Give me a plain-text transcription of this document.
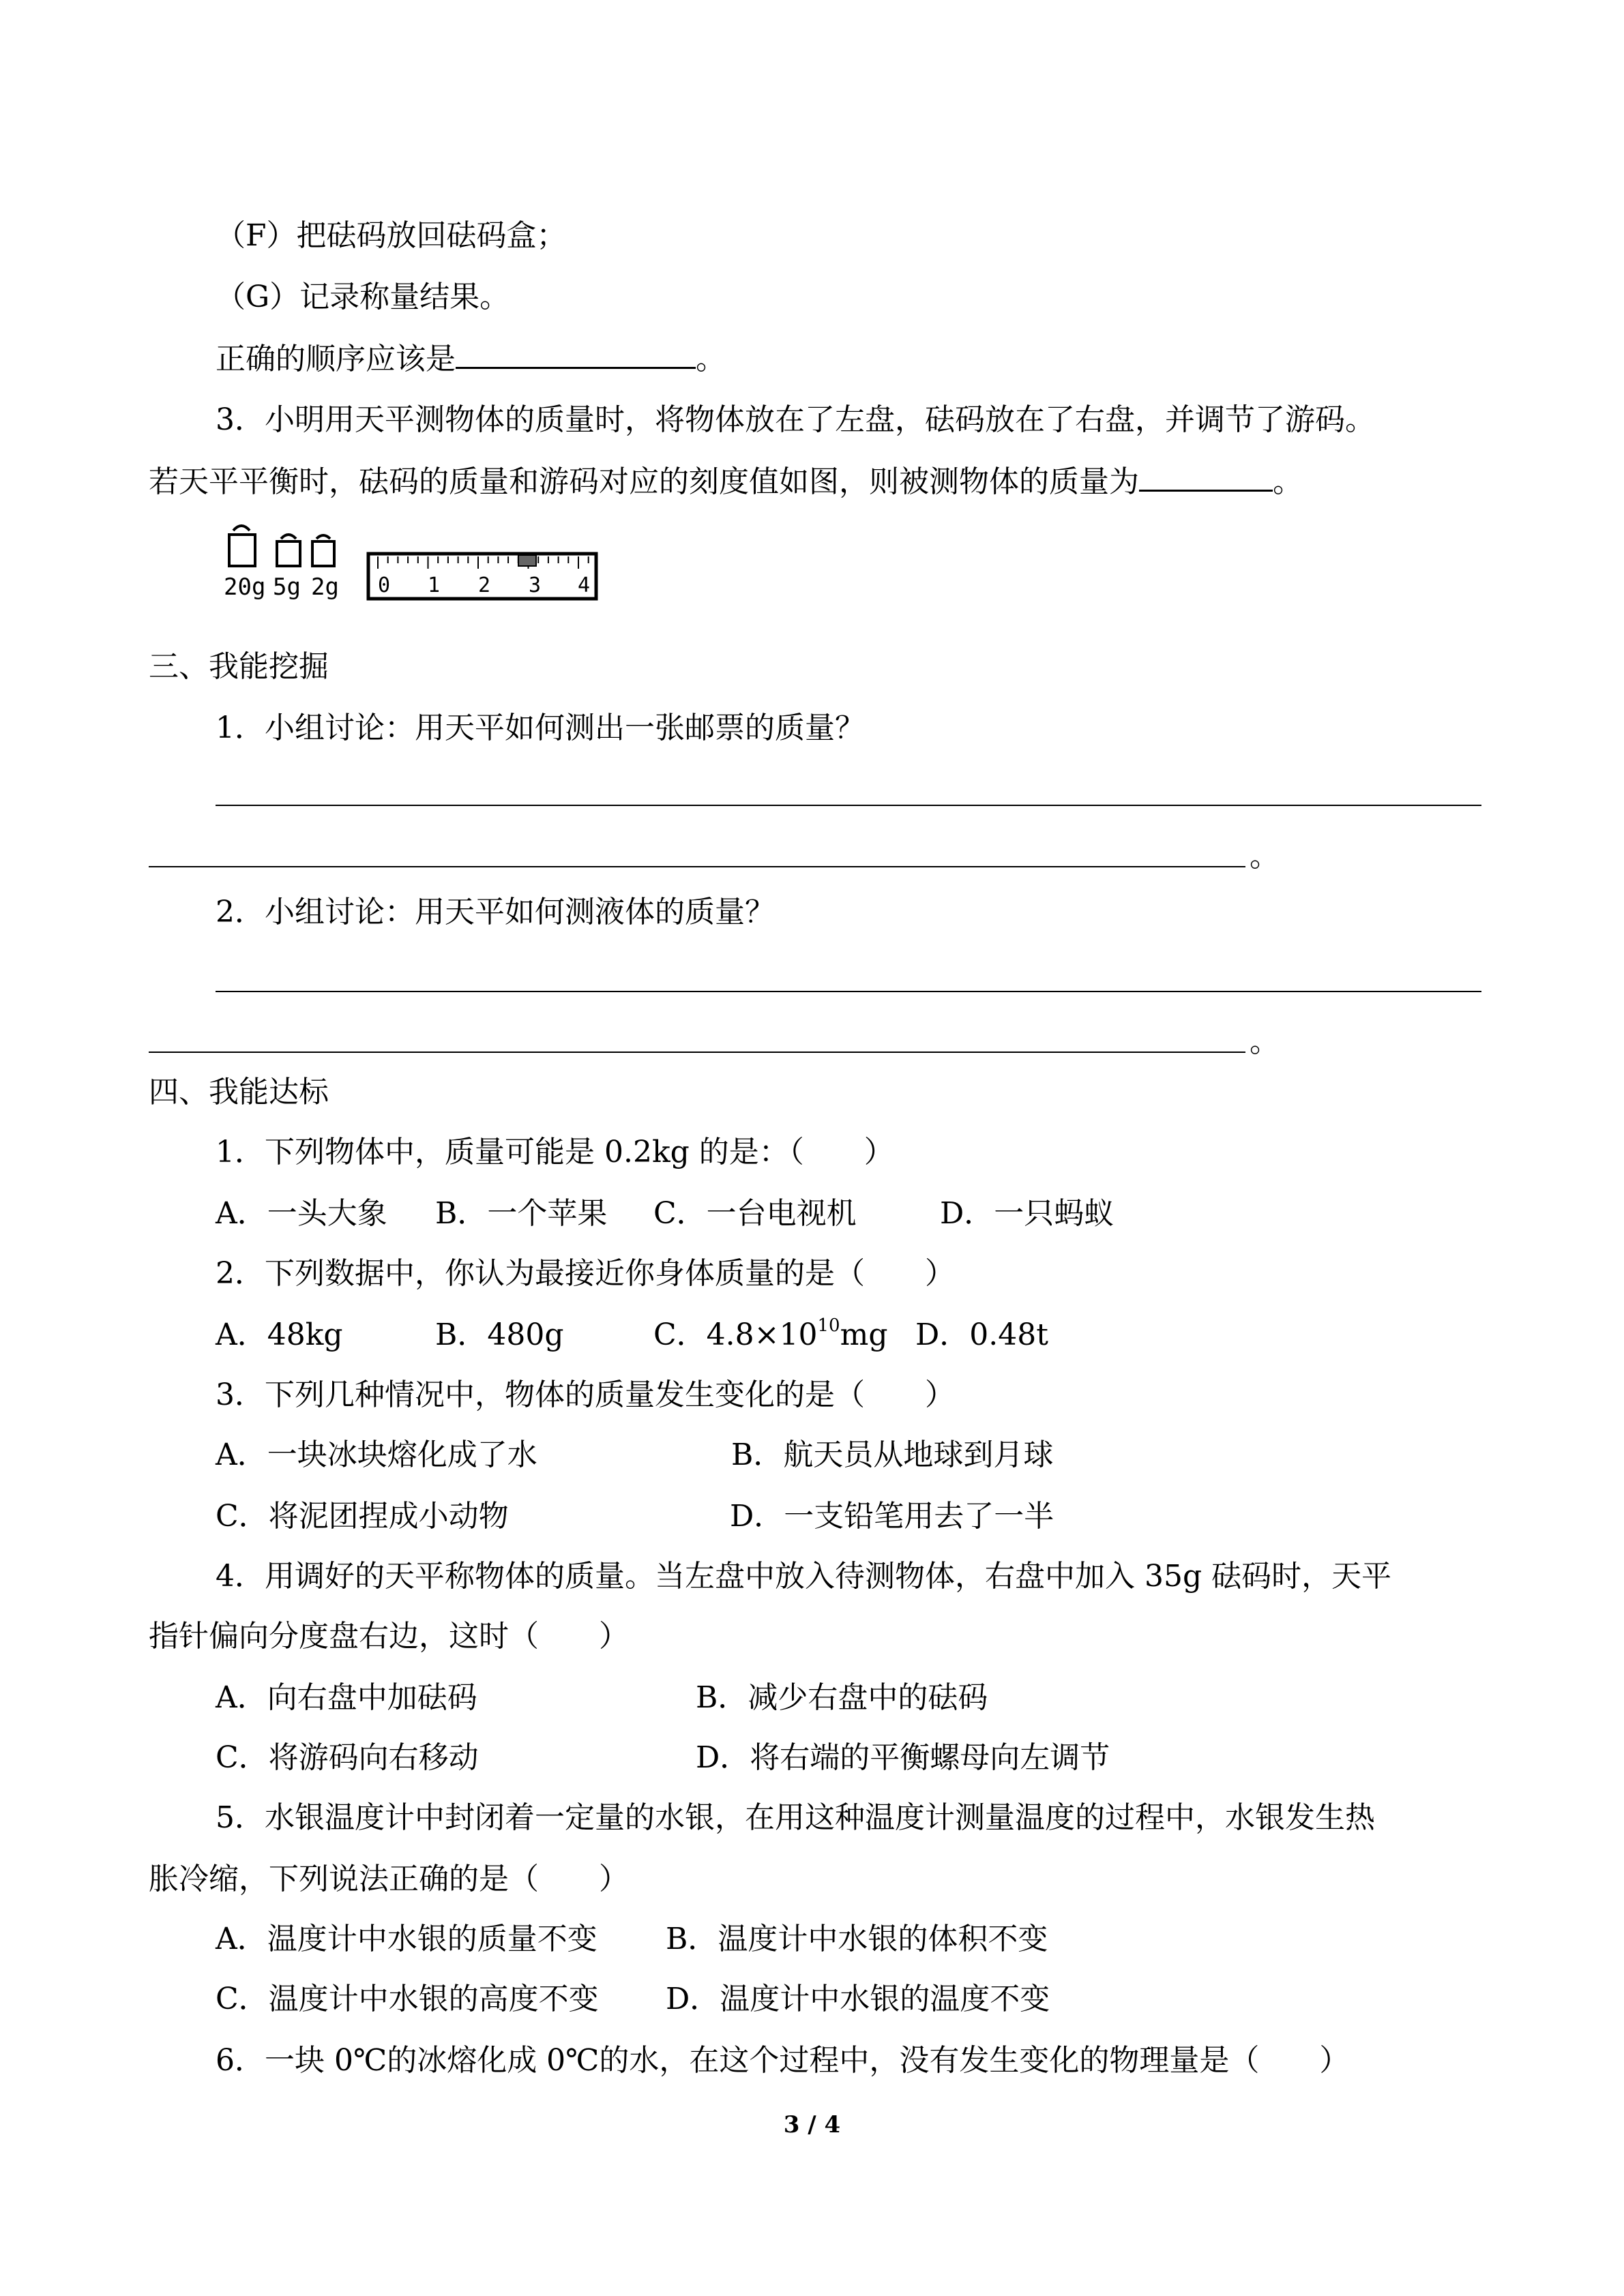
（F）把砝码放回砝码盒；
（G）记录称量结果。
正确的顺序应该是	。
3．小明用天平测物体的质量时，将物体放在了左盘，砝码放在了右盘，并调节了游码。
若天平平衡时，砝码的质量和游码对应的刻度值如图，则被测物体的质量为	。
20g 5g 2g 0 1 2 3 4
三、我能挖掘
1．小组讨论：用天平如何测出一张邮票的质量？
。
2．小组讨论：用天平如何测液体的质量？
。
四、我能达标
1．下列物体中，质量可能是 0.2kg 的是：（　　）
A．一头大象 B．一个苹果 C．一台电视机	D．一只蚂蚁
2．下列数据中，你认为最接近你身体质量的是（　　）
A．48kg	B．480g	C．$4.8\times 10^{10}mg$ D．0.48t
3．下列几种情况中，物体的质量发生变化的是（　　）
A．一块冰块熔化成了水	B．航天员从地球到月球
C．将泥团捏成小动物	D．一支铅笔用去了一半
4．用调好的天平称物体的质量。当左盘中放入待测物体，右盘中加入 35g 砝码时，天平
指针偏向分度盘右边，这时（　　）
A．向右盘中加砝码	B．减少右盘中的砝码
C．将游码向右移动	D．将右端的平衡螺母向左调节
5．水银温度计中封闭着一定量的水银，在用这种温度计测量温度的过程中，水银发生热
胀冷缩，下列说法正确的是（　　）
A．温度计中水银的质量不变 B．温度计中水银的体积不变
C．温度计中水银的高度不变 D．温度计中水银的温度不变
6．一块 0℃的冰熔化成 0℃的水，在这个过程中，没有发生变化的物理量是（　　）
3 / 4
